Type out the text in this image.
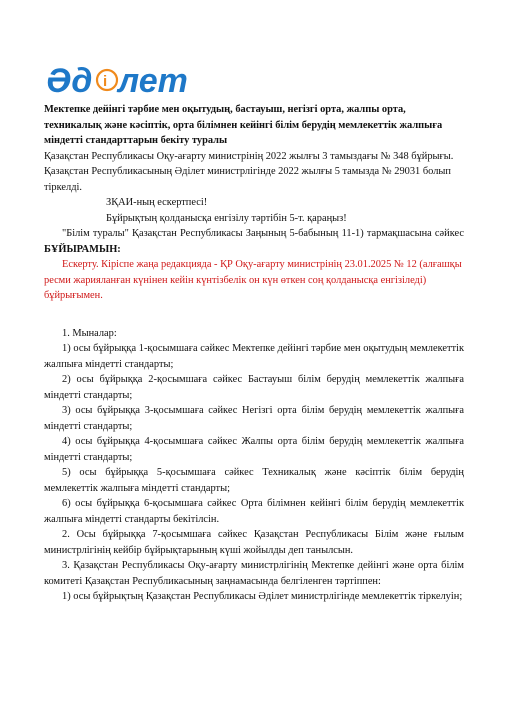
Әд i лет

Мектепке дейінгі тәрбие мен оқытудың, бастауыш, негізгі орта, жалпы орта, техникалық және кәсіптік, орта білімнен кейінгі білім берудің мемлекеттік жалпыға міндетті стандарттарын бекіту туралы

Қазақстан Республикасы Оқу-ағарту министрінің 2022 жылғы 3 тамыздағы № 348 бұйрығы. Қазақстан Республикасының Әділет министрлігінде 2022 жылғы 5 тамызда № 29031 болып тіркелді.

ЗҚАИ-ның ескертпесі!

Бұйрықтың қолданысқа енгізілу тәртібін 5-т. қараңыз!

"Білім туралы" Қазақстан Республикасы Заңының 5-бабының 11-1) тармақшасына сәйкес БҰЙЫРАМЫН:

Ескерту. Кіріспе жаңа редакцияда - ҚР Оқу-ағарту министрінің 23.01.2025 № 12 (алғашқы ресми жарияланған күнінен кейін күнтізбелік он күн өткен соң қолданысқа енгізіледі) бұйрығымен.

1. Мыналар:

1) осы бұйрыққа 1-қосымшаға сәйкес Мектепке дейінгі тәрбие мен оқытудың мемлекеттік жалпыға міндетті стандарты;

2) осы бұйрыққа 2-қосымшаға сәйкес Бастауыш білім берудің мемлекеттік жалпыға міндетті стандарты;

3) осы бұйрыққа 3-қосымшаға сәйкес Негізгі орта білім берудің мемлекеттік жалпыға міндетті стандарты;

4) осы бұйрыққа 4-қосымшаға сәйкес Жалпы орта білім берудің мемлекеттік жалпыға міндетті стандарты;

5) осы бұйрыққа 5-қосымшаға сәйкес Техникалық және кәсіптік білім берудің мемлекеттік жалпыға міндетті стандарты;

6) осы бұйрыққа 6-қосымшаға сәйкес Орта білімнен кейінгі білім берудің мемлекеттік жалпыға міндетті стандарты бекітілсін.

2. Осы бұйрыққа 7-қосымшаға сәйкес Қазақстан Республикасы Білім және ғылым министрлігінің кейбір бұйрықтарының күші жойылды деп танылсын.

3. Қазақстан Республикасы Оқу-ағарту министрлігінің Мектепке дейінгі және орта білім комитеті Қазақстан Республикасының заңнамасында белгіленген тәртіппен:

1) осы бұйрықтың Қазақстан Республикасы Әділет министрлігінде мемлекеттік тіркелуін;
